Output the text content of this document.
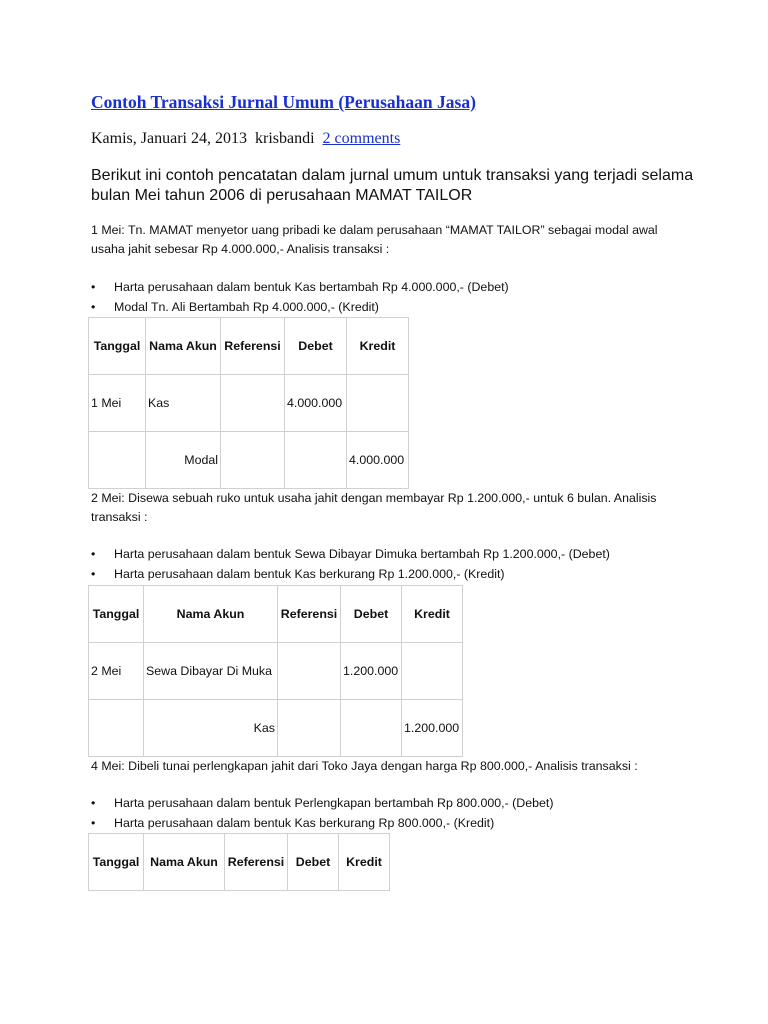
Contoh Transaksi Jurnal Umum (Perusahaan Jasa)
Kamis, Januari 24, 2013 krisbandi 2 comments

Berikut ini contoh pencatatan dalam jurnal umum untuk transaksi yang terjadi selama bulan Mei tahun 2006 di perusahaan MAMAT TAILOR

1 Mei: Tn. MAMAT menyetor uang pribadi ke dalam perusahaan “MAMAT TAILOR” sebagai modal awal usaha jahit sebesar Rp 4.000.000,- Analisis transaksi :

• Harta perusahaan dalam bentuk Kas bertambah Rp 4.000.000,- (Debet)
• Modal Tn. Ali Bertambah Rp 4.000.000,- (Kredit)
Tanggal	Nama Akun	Referensi	Debet	Kredit
1 Mei	Kas		4.000.000	
	Modal			4.000.000

2 Mei: Disewa sebuah ruko untuk usaha jahit dengan membayar Rp 1.200.000,- untuk 6 bulan. Analisis transaksi :

• Harta perusahaan dalam bentuk Sewa Dibayar Dimuka bertambah Rp 1.200.000,- (Debet)
• Harta perusahaan dalam bentuk Kas berkurang Rp 1.200.000,- (Kredit)
Tanggal	Nama Akun	Referensi	Debet	Kredit
2 Mei	Sewa Dibayar Di Muka		1.200.000	
	Kas			1.200.000

4 Mei: Dibeli tunai perlengkapan jahit dari Toko Jaya dengan harga Rp 800.000,- Analisis transaksi :

• Harta perusahaan dalam bentuk Perlengkapan bertambah Rp 800.000,- (Debet)
• Harta perusahaan dalam bentuk Kas berkurang Rp 800.000,- (Kredit)
Tanggal	Nama Akun	Referensi	Debet	Kredit
